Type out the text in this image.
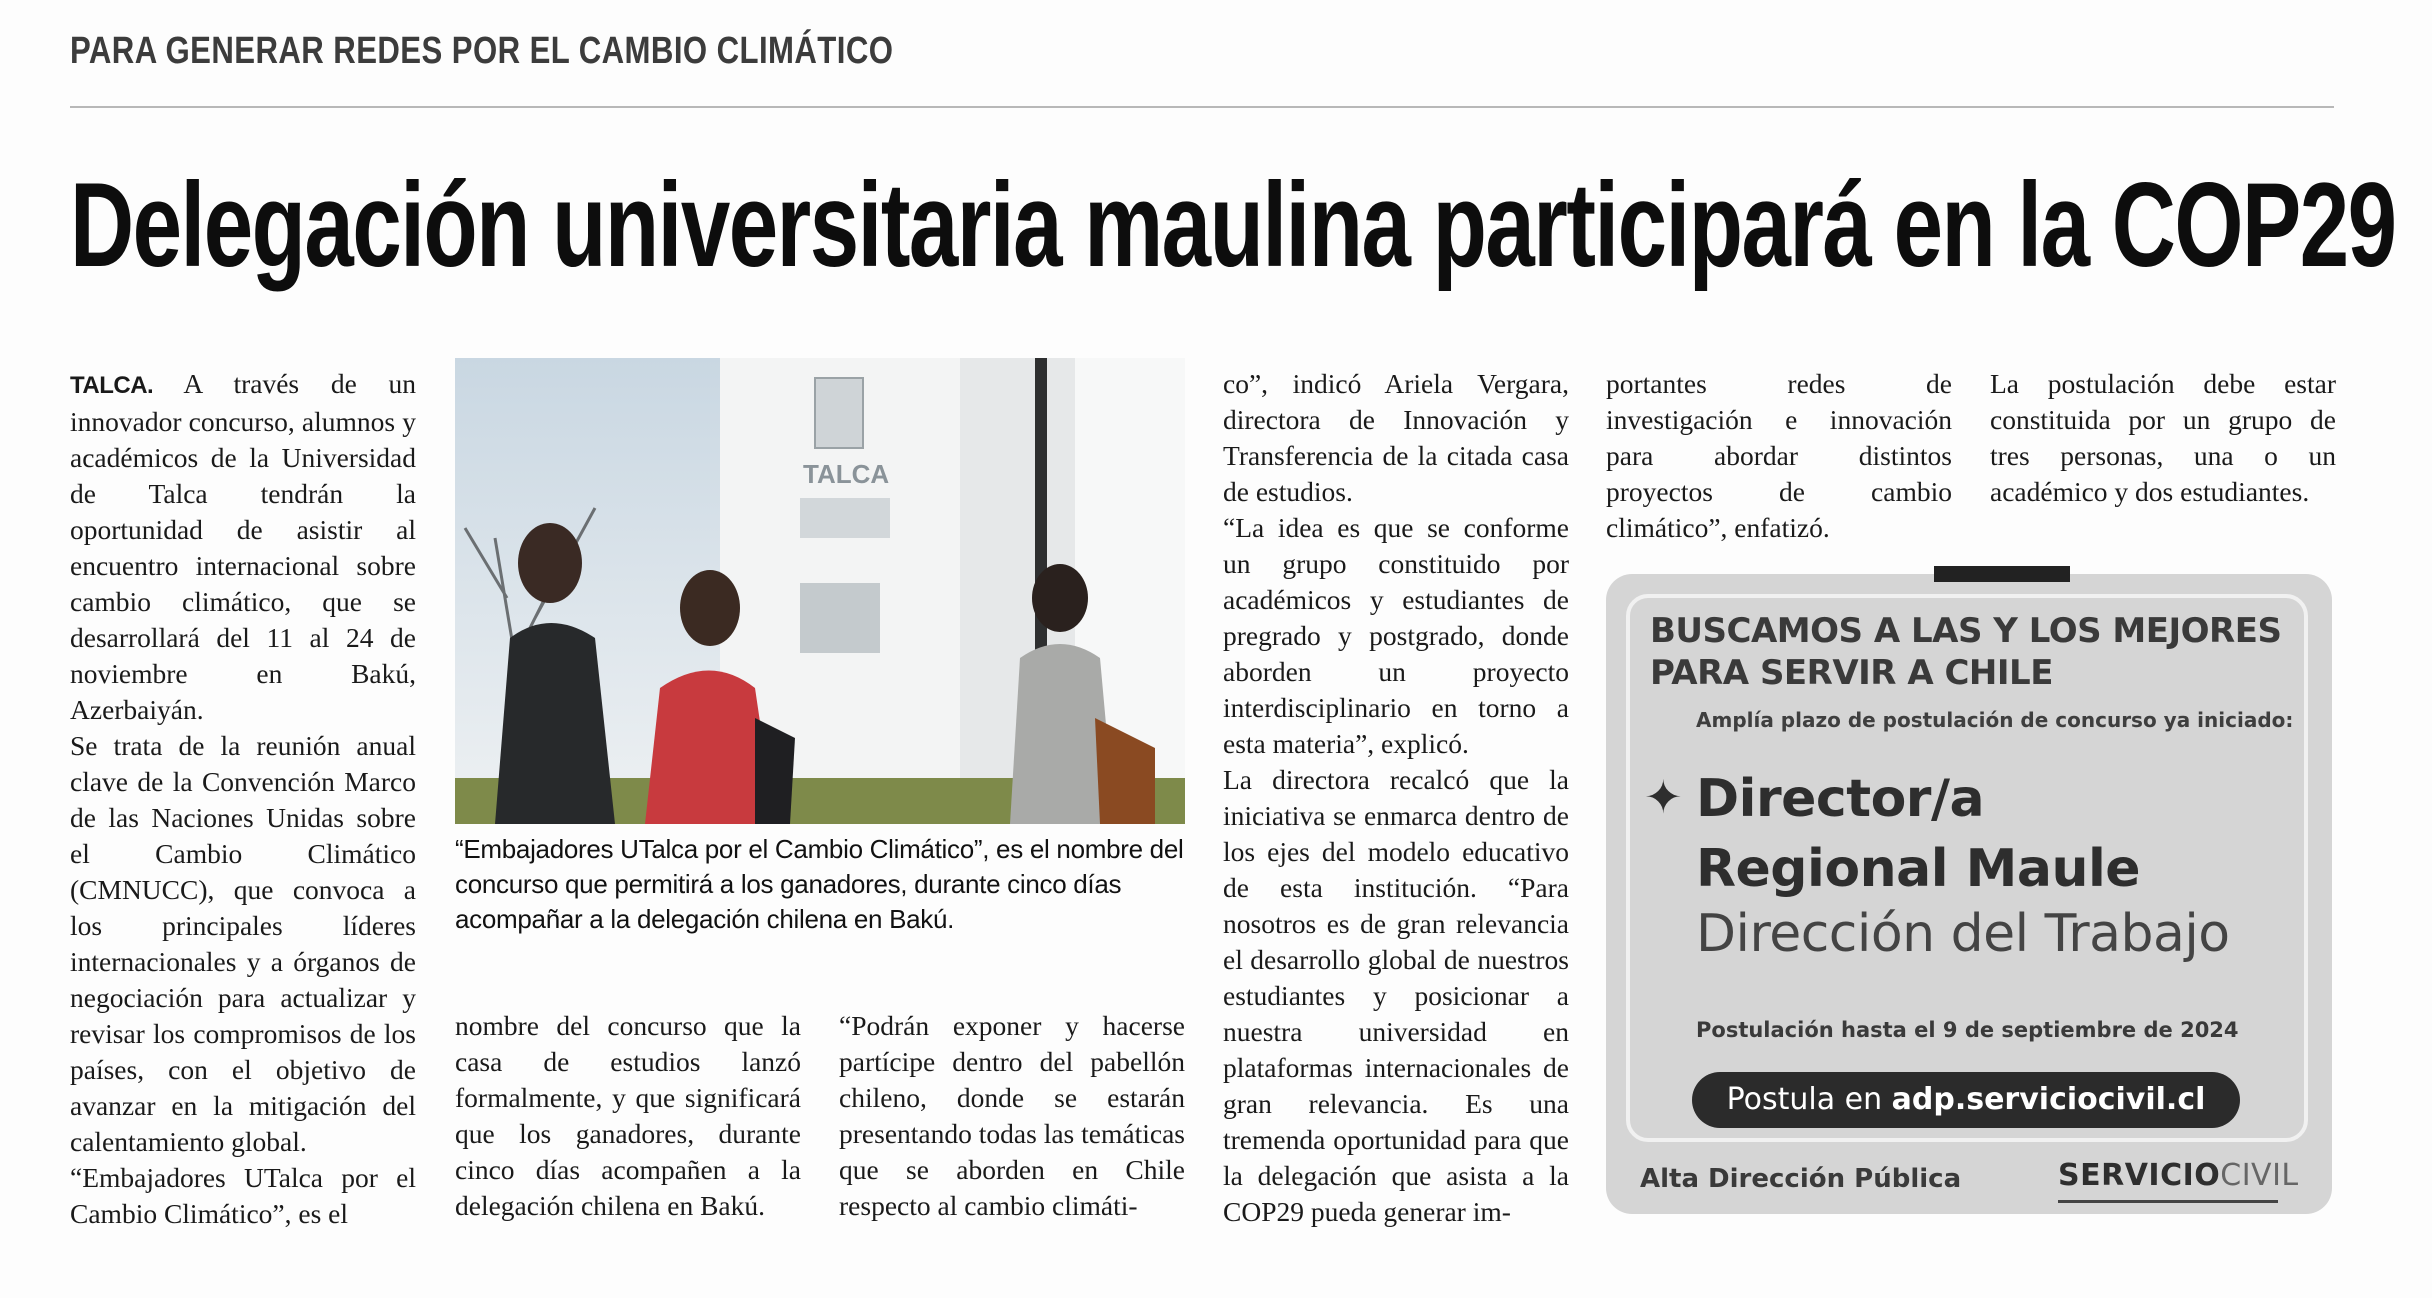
PARA GENERAR REDES POR EL CAMBIO CLIMÁTICO
Delegación universitaria maulina participará en la COP29

TALCA. A través de un innovador concurso, alumnos y académicos de la Universidad de Talca tendrán la oportunidad de asistir al encuentro internacional sobre cambio climático, que se desarrollará del 11 al 24 de noviembre en Bakú, Azerbaiyán.

Se trata de la reunión anual clave de la Convención Marco de las Naciones Unidas sobre el Cambio Climático (CMNUCC), que convoca a los principales líderes internacionales y a órganos de negociación para actualizar y revisar los compromisos de los países, con el objetivo de avanzar en la mitigación del calentamiento global.

“Embajadores UTalca por el Cambio Climático”, es el

TALCA
“Embajadores UTalca por el Cambio Climático”, es el nombre del concurso que permitirá a los ganadores, durante cinco días acompañar a la delegación chilena en Bakú.

nombre del concurso que la casa de estudios lanzó formalmente, y que significará que los ganadores, durante cinco días acompañen a la delegación chilena en Bakú.

“Podrán exponer y hacerse partícipe dentro del pabellón chileno, donde se estarán presentando todas las temáticas que se aborden en Chile respecto al cambio climáti-

co”, indicó Ariela Vergara, directora de Innovación y Transferencia de la citada casa de estudios.

“La idea es que se conforme un grupo constituido por académicos y estudiantes de pregrado y postgrado, donde aborden un proyecto interdisciplinario en torno a esta materia”, explicó.

La directora recalcó que la iniciativa se enmarca dentro de los ejes del modelo educativo de esta institución. “Para nosotros es de gran relevancia el desarrollo global de nuestros estudiantes y posicionar a nuestra universidad en plataformas internacionales de gran relevancia. Es una tremenda oportunidad para que la delegación que asista a la COP29 pueda generar im-

portantes redes de investigación e innovación para abordar distintos proyectos de cambio climático”, enfatizó.

La postulación debe estar constituida por un grupo de tres personas, una o un académico y dos estudiantes.

BUSCAMOS A LAS Y LOS MEJORES PARA SERVIR A CHILE
Amplía plazo de postulación de concurso ya iniciado:
✦ Director/a
Regional Maule
Dirección del Trabajo
Postulación hasta el 9 de septiembre de 2024
Postula en adp.serviciocivil.cl
Alta Dirección Pública	SERVICIOCIVIL
